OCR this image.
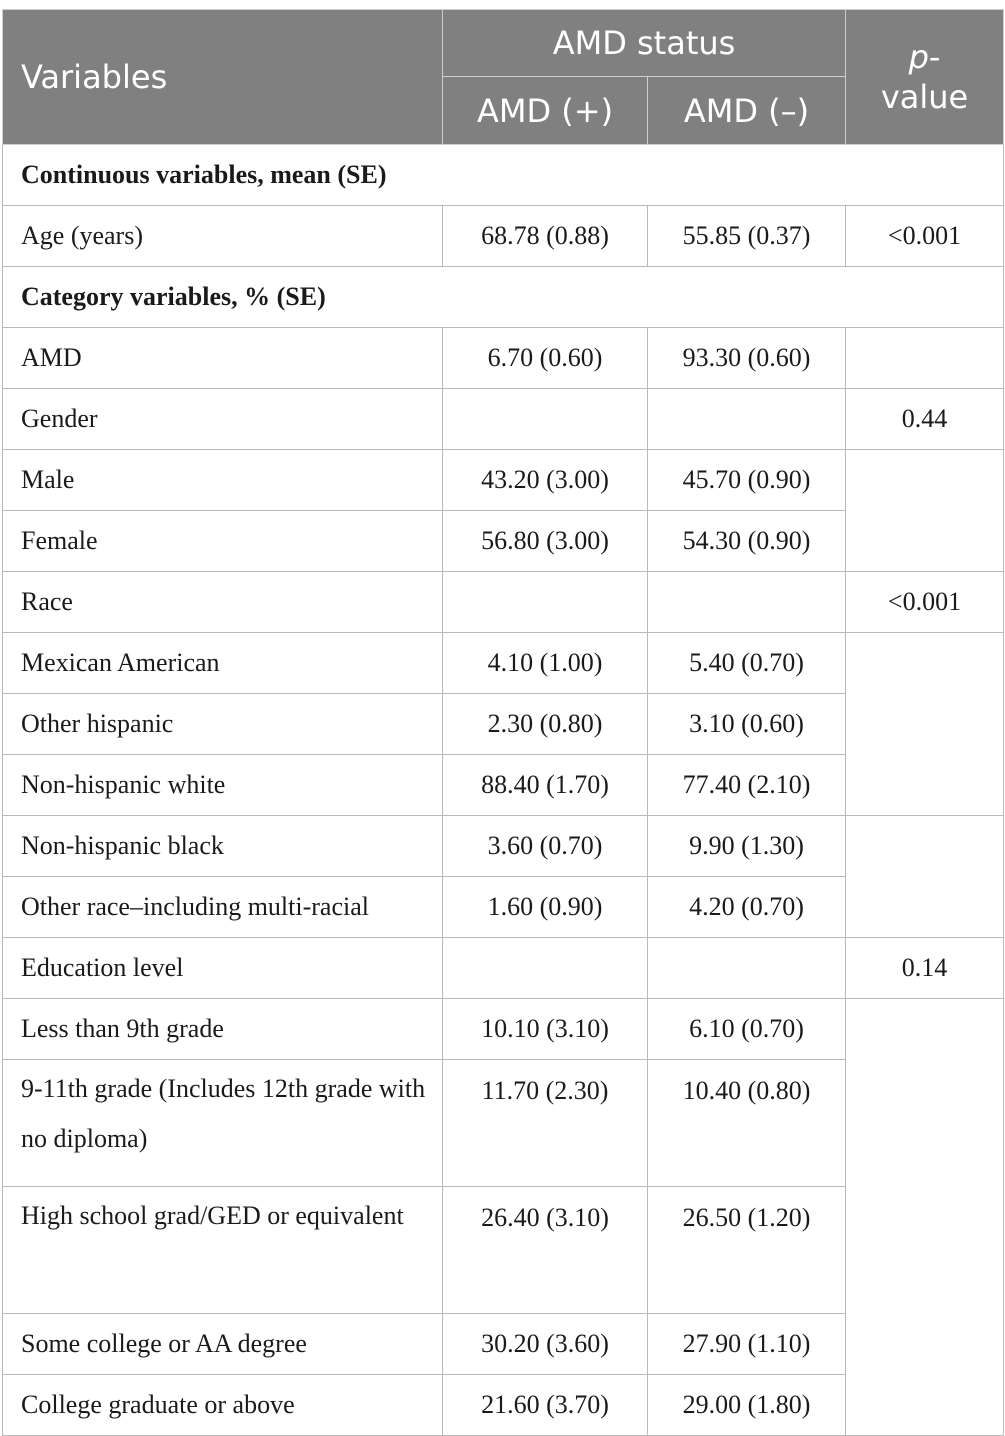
Variables	AMD status		p-
value
	AMD (+)	AMD (–)	
Continuous variables, mean (SE)			
Age (years)	68.78 (0.88)	55.85 (0.37)	<0.001
Category variables, % (SE)			
AMD	6.70 (0.60)	93.30 (0.60)	
Gender			0.44
Male	43.20 (3.00)	45.70 (0.90)	
Female	56.80 (3.00)	54.30 (0.90)	
Race			<0.001
Mexican American	4.10 (1.00)	5.40 (0.70)	
Other hispanic	2.30 (0.80)	3.10 (0.60)	
Non-hispanic white	88.40 (1.70)	77.40 (2.10)	
Non-hispanic black	3.60 (0.70)	9.90 (1.30)	
Other race–including multi-racial	1.60 (0.90)	4.20 (0.70)	
Education level			0.14
Less than 9th grade	10.10 (3.10)	6.10 (0.70)	
9-11th grade (Includes 12th grade with no diploma)	11.70 (2.30)	10.40 (0.80)	
High school grad/GED or equivalent	26.40 (3.10)	26.50 (1.20)	
Some college or AA degree	30.20 (3.60)	27.90 (1.10)	
College graduate or above	21.60 (3.70)	29.00 (1.80)	
